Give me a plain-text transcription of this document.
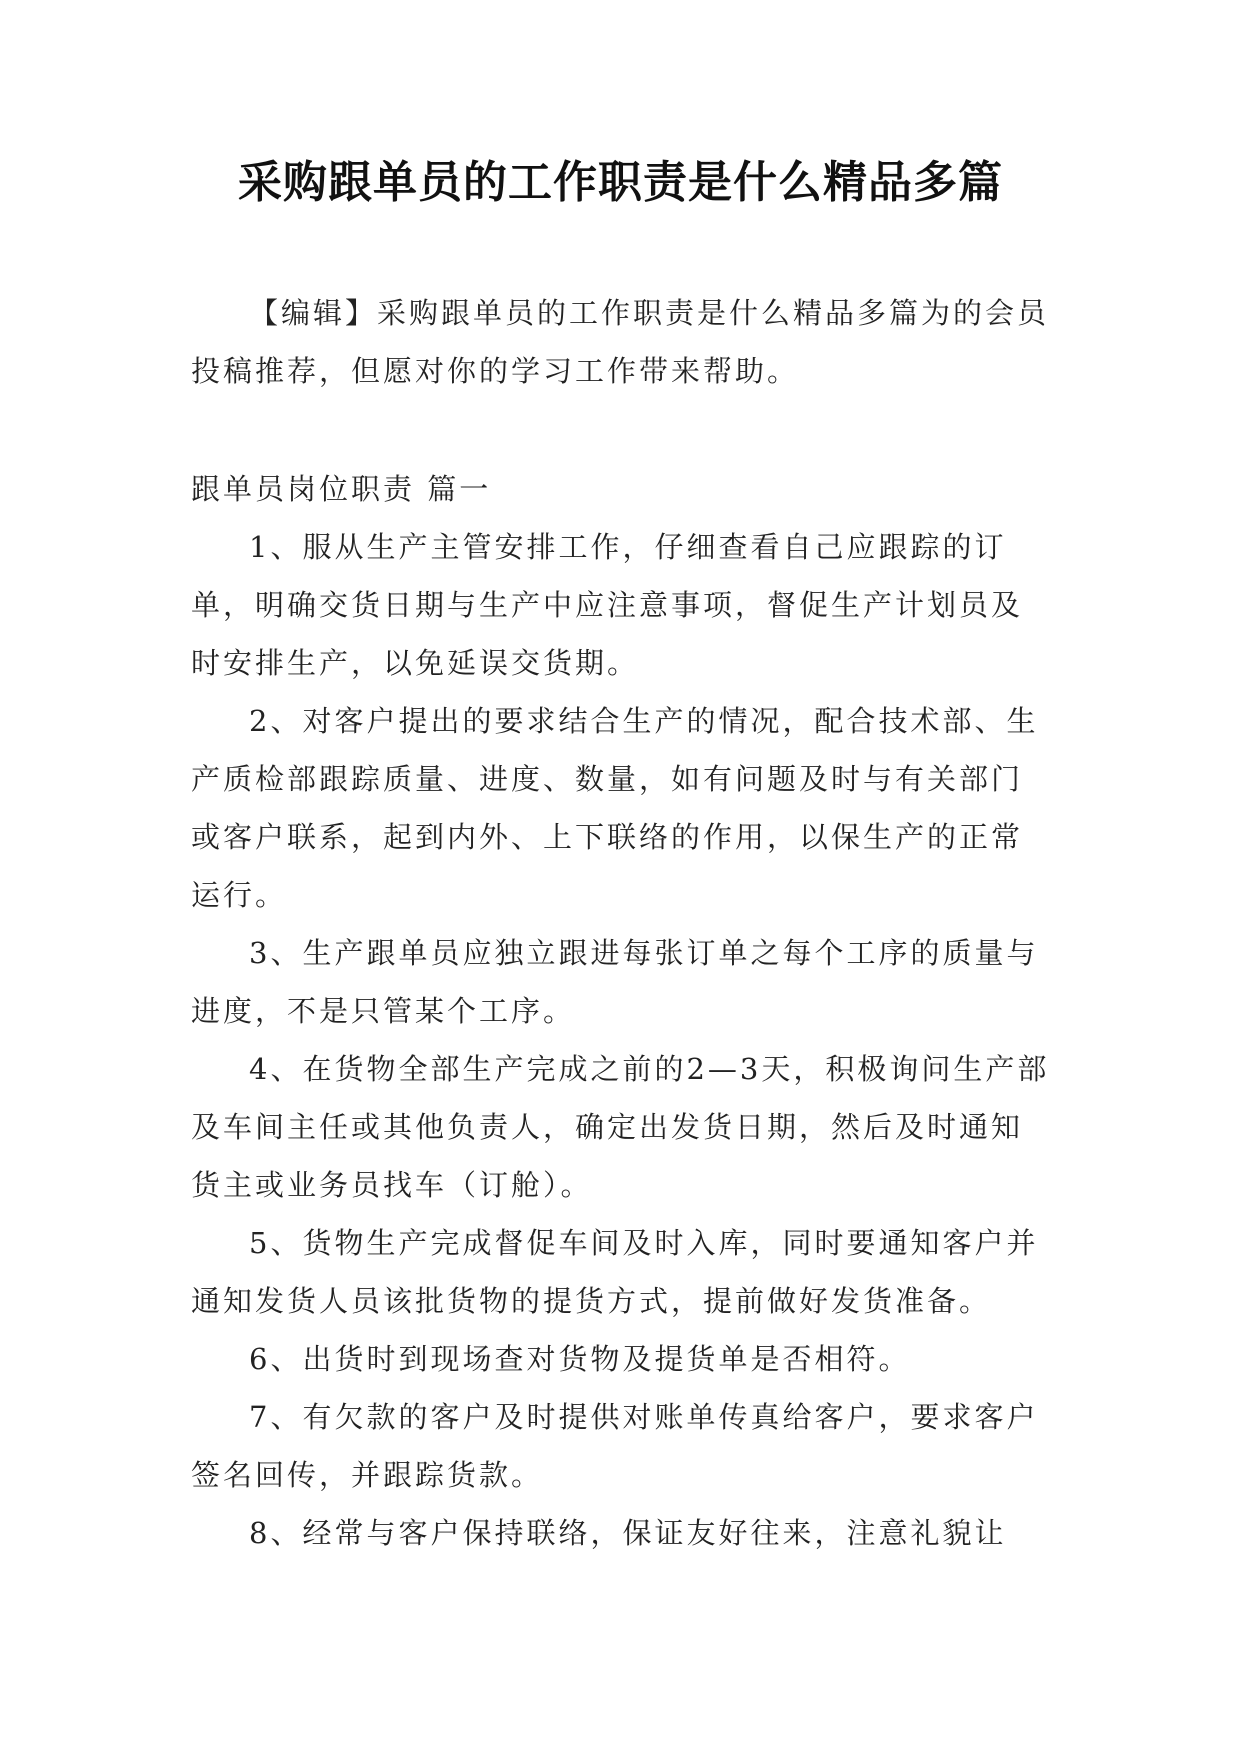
采购跟单员的工作职责是什么精品多篇

【编辑】采购跟单员的工作职责是什么精品多篇为的会员投稿推荐，但愿对你的学习工作带来帮助。

跟单员岗位职责 篇一

1、服从生产主管安排工作，仔细查看自己应跟踪的订单，明确交货日期与生产中应注意事项，督促生产计划员及时安排生产，以免延误交货期。

2、对客户提出的要求结合生产的情况，配合技术部、生产质检部跟踪质量、进度、数量，如有问题及时与有关部门或客户联系，起到内外、上下联络的作用，以保生产的正常运行。

3、生产跟单员应独立跟进每张订单之每个工序的质量与进度，不是只管某个工序。

4、在货物全部生产完成之前的2—3天，积极询问生产部及车间主任或其他负责人，确定出发货日期，然后及时通知货主或业务员找车（订舱）。

5、货物生产完成督促车间及时入库，同时要通知客户并通知发货人员该批货物的提货方式，提前做好发货准备。

6、出货时到现场查对货物及提货单是否相符。

7、有欠款的客户及时提供对账单传真给客户，要求客户签名回传，并跟踪货款。

8、经常与客户保持联络，保证友好往来，注意礼貌让
